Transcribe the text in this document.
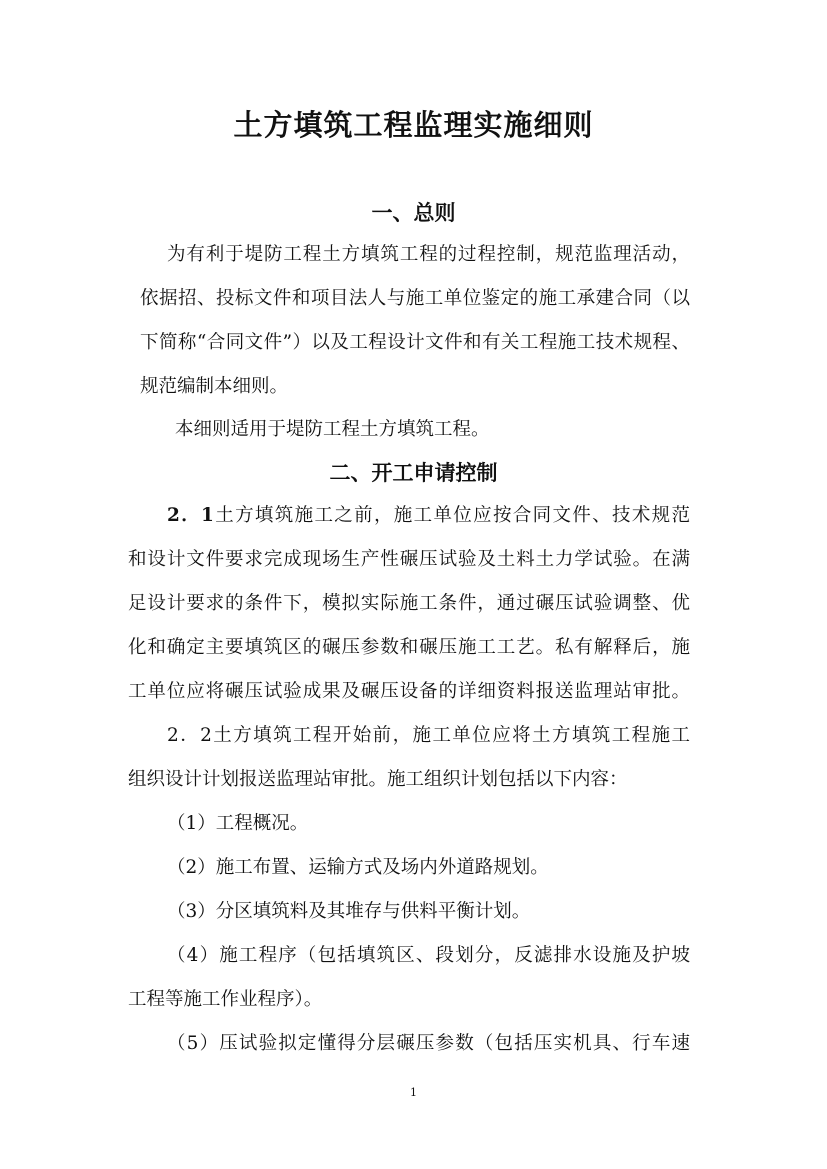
土方填筑工程监理实施细则
一、总则
为有利于堤防工程土方填筑工程的过程控制，规范监理活动，
依据招、投标文件和项目法人与施工单位鉴定的施工承建合同（以
下简称“合同文件”）以及工程设计文件和有关工程施工技术规程、
规范编制本细则。
本细则适用于堤防工程土方填筑工程。
二、开工申请控制
2．1土方填筑施工之前，施工单位应按合同文件、技术规范
和设计文件要求完成现场生产性碾压试验及土料土力学试验。在满
足设计要求的条件下，模拟实际施工条件，通过碾压试验调整、优
化和确定主要填筑区的碾压参数和碾压施工工艺。私有解释后，施
工单位应将碾压试验成果及碾压设备的详细资料报送监理站审批。
2．2土方填筑工程开始前，施工单位应将土方填筑工程施工
组织设计计划报送监理站审批。施工组织计划包括以下内容：
（1）工程概况。
（2）施工布置、运输方式及场内外道路规划。
（3）分区填筑料及其堆存与供料平衡计划。
（4）施工程序（包括填筑区、段划分，反滤排水设施及护坡
工程等施工作业程序）。
（5）压试验拟定懂得分层碾压参数（包括压实机具、行车速
1
